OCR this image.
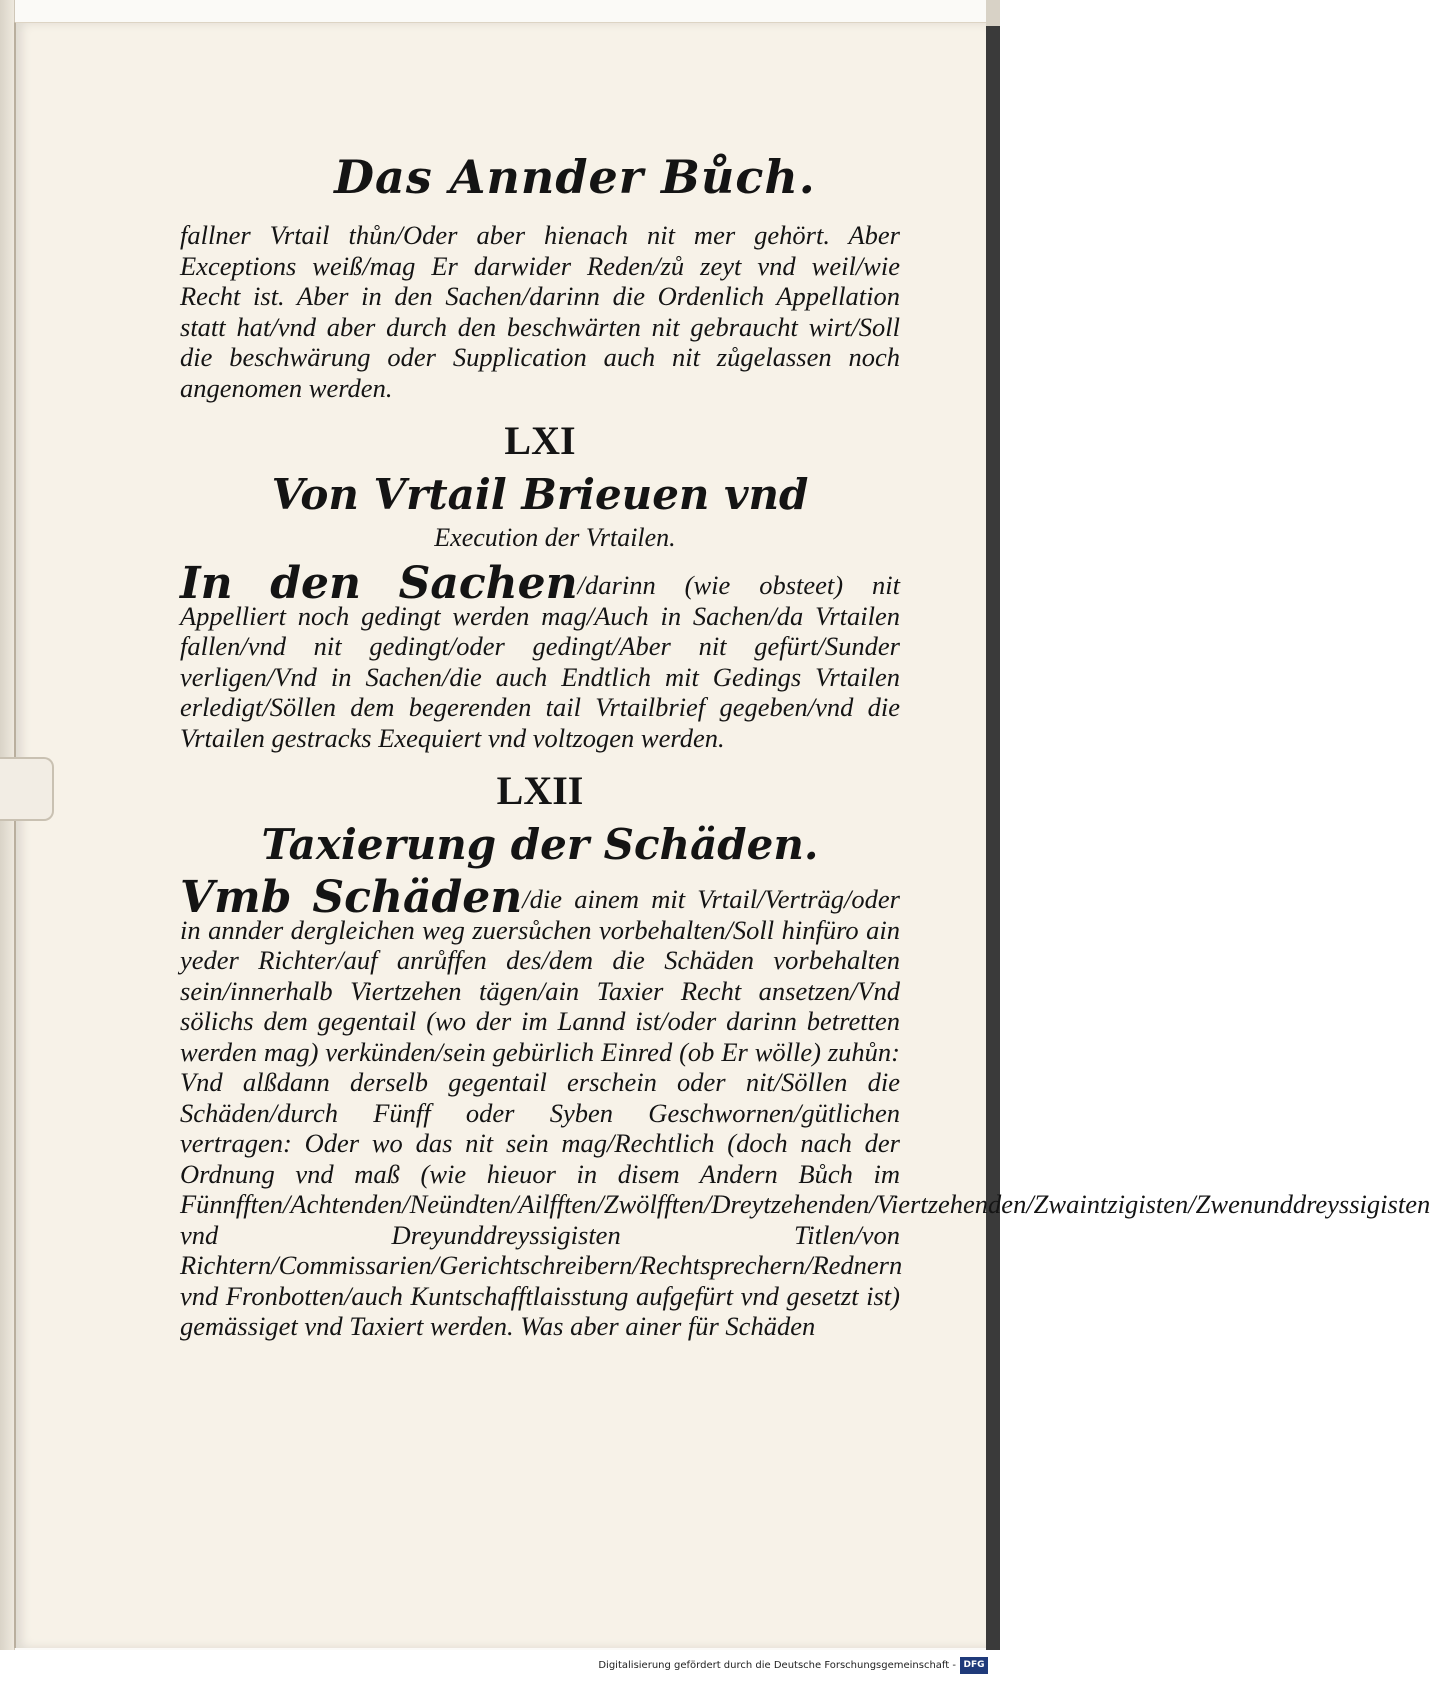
Das Annder Bůch.

fallner Vrtail thůn/Oder aber hienach nit mer gehört. Aber Exceptions weiß/mag Er darwider Reden/zů zeyt vnd weil/wie Recht ist. Aber in den Sachen/darinn die Ordenlich Appellation statt hat/vnd aber durch den beschwärten nit gebraucht wirt/Soll die beschwärung oder Supplication auch nit zůgelassen noch angenomen werden.

LXI
Von Vrtail Brieuen vnd
Execution der Vrtailen.

In den Sachen/darinn (wie obsteet) nit Appelliert noch gedingt werden mag/Auch in Sachen/da Vrtailen fallen/vnd nit gedingt/oder gedingt/Aber nit gefürt/Sunder verligen/Vnd in Sachen/die auch Endtlich mit Gedings Vrtailen erledigt/Söllen dem begerenden tail Vrtailbrief gegeben/vnd die Vrtailen gestracks Exequiert vnd voltzogen werden.

LXII
Taxierung der Schäden.

Vmb Schäden/die ainem mit Vrtail/Verträg/oder in annder dergleichen weg zuersůchen vorbehalten/Soll hinfüro ain yeder Richter/auf anrůffen des/dem die Schäden vorbehalten sein/innerhalb Viertzehen tägen/ain Taxier Recht ansetzen/Vnd sölichs dem gegentail (wo der im Lannd ist/oder darinn betretten werden mag) verkünden/sein gebürlich Einred (ob Er wölle) zuhůn: Vnd alßdann derselb gegentail erschein oder nit/Söllen die Schäden/durch Fünff oder Syben Geschwornen/gütlichen vertragen: Oder wo das nit sein mag/Rechtlich (doch nach der Ordnung vnd maß (wie hieuor in disem Andern Bůch im Fünnfften/Achtenden/Neündten/Ailfften/Zwölfften/Dreytzehenden/Viertzehenden/Zwaintzigisten/Zwenunddreyssigisten vnd Dreyunddreyssigisten Titlen/von Richtern/Commissarien/Gerichtschreibern/Rechtsprechern/Rednern vnd Fronbotten/auch Kuntschafftlaisstung aufgefürt vnd gesetzt ist) gemässiget vnd Taxiert werden. Was aber ainer für Schäden

Digitalisierung gefördert durch die Deutsche Forschungsgemeinschaft - DFG
